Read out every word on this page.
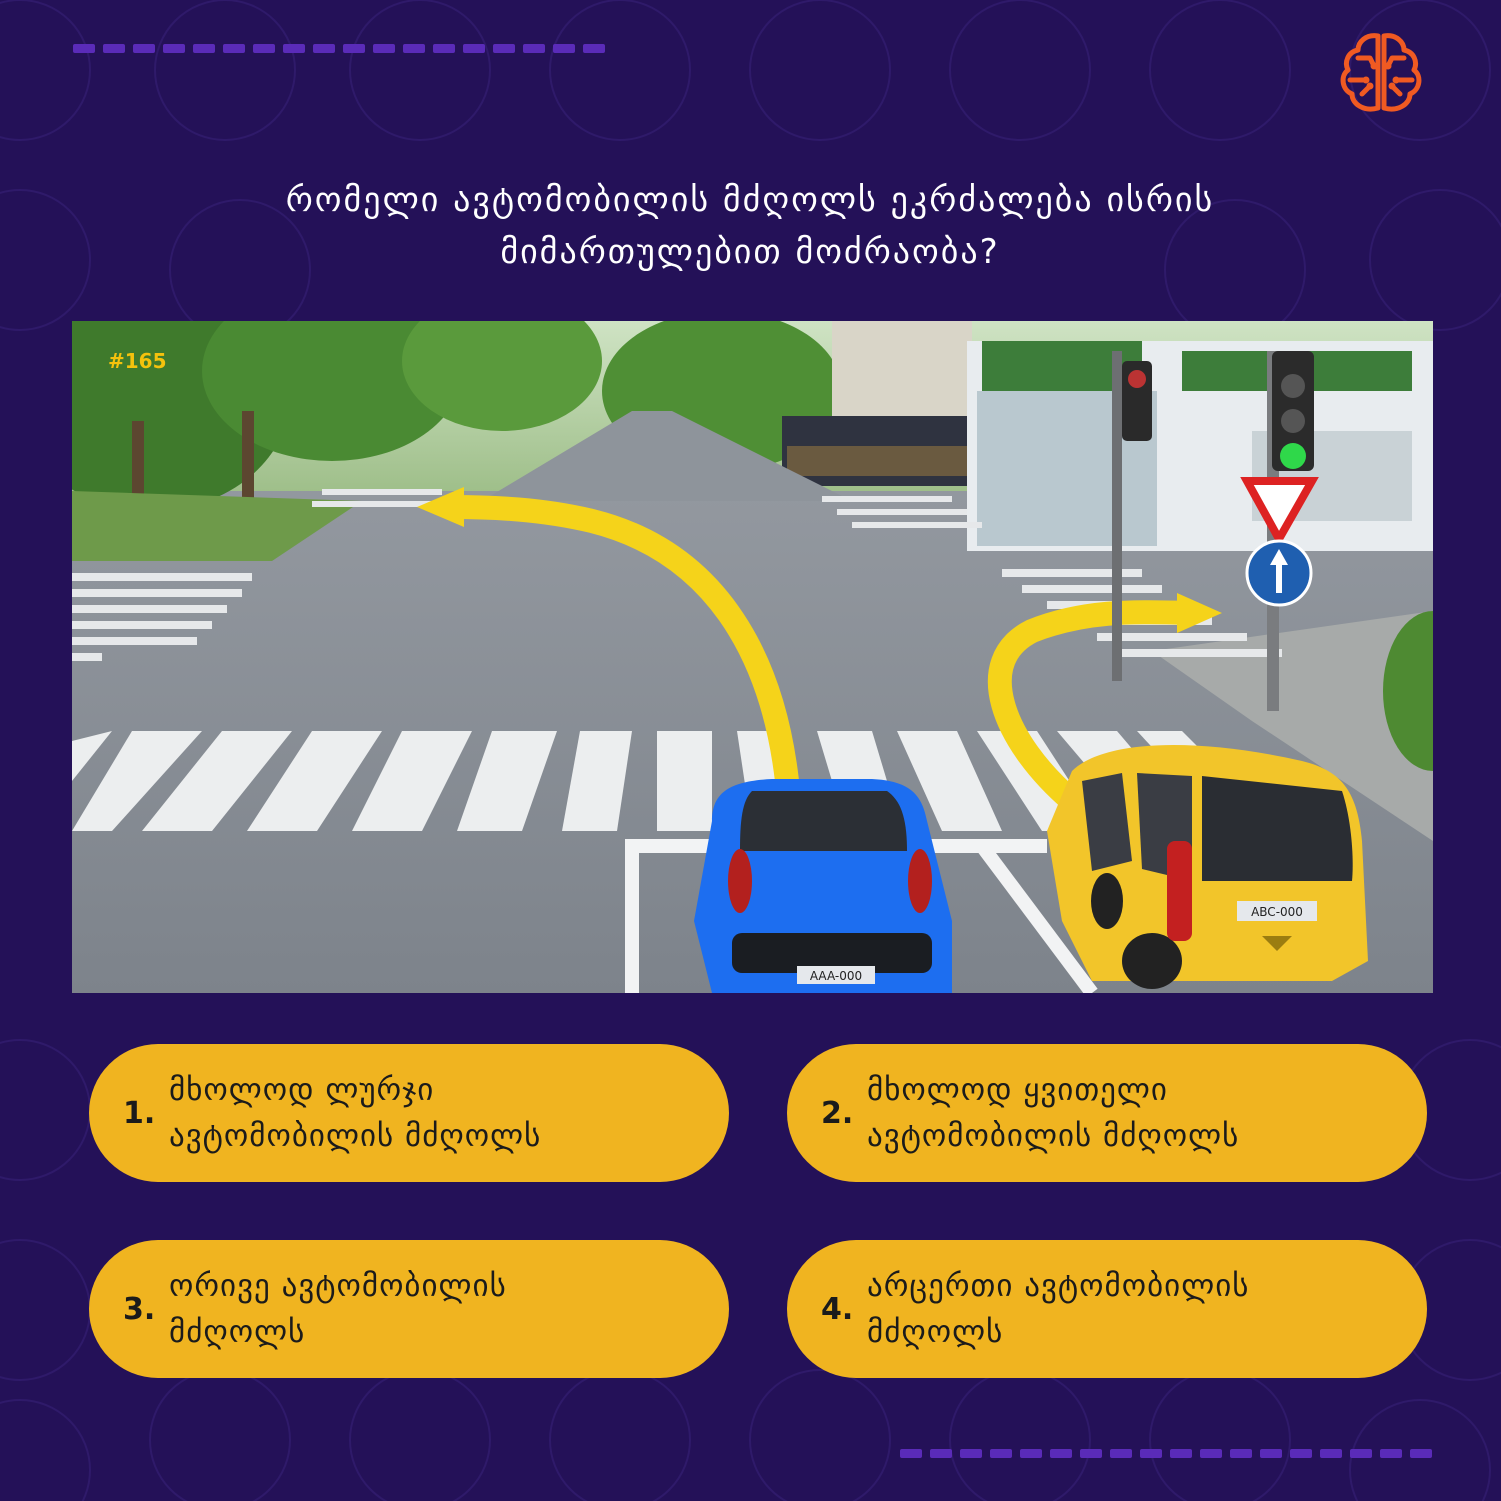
რომელი ავტომობილის მძღოლს ეკრძალება ისრის
მიმართულებით მოძრაობა?
AAA-000
ABC-000
#165
1.
მხოლოდ ლურჯი
ავტომობილის მძღოლს
2.
მხოლოდ ყვითელი
ავტომობილის მძღოლს
3.
ორივე ავტომობილის
მძღოლს
4.
არცერთი ავტომობილის
მძღოლს
